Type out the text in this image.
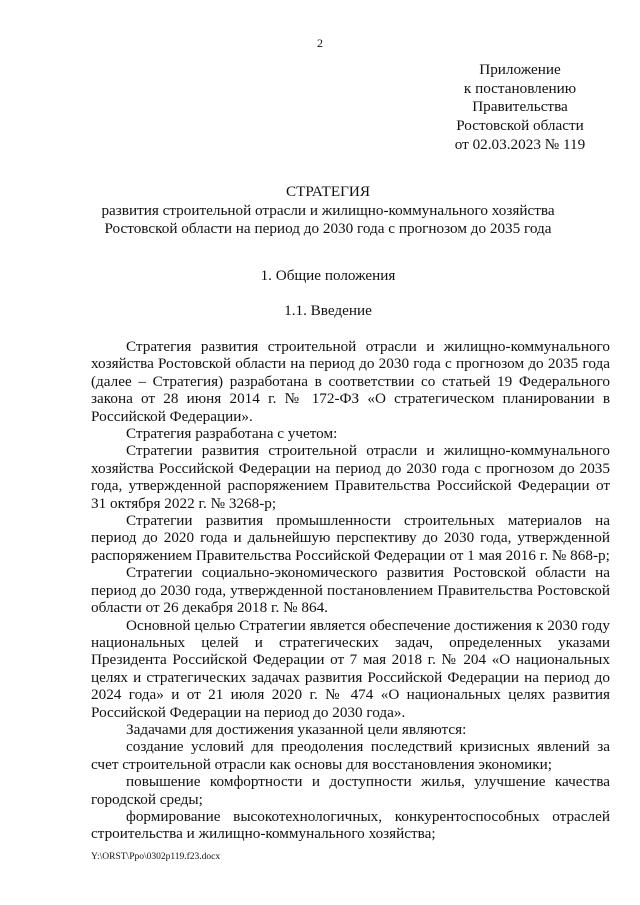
2
Приложение
к постановлению
Правительства
Ростовской области
от 02.03.2023 № 119
СТРАТЕГИЯ
развития строительной отрасли и жилищно-коммунального хозяйства
Ростовской области на период до 2030 года с прогнозом до 2035 года
1. Общие положения
1.1. Введение

Стратегия развития строительной отрасли и жилищно-коммунального хозяйства Ростовской области на период до 2030 года с прогнозом до 2035 года (далее – Стратегия) разработана в соответствии со статьей 19 Федерального закона от 28 июня 2014 г. № 172-ФЗ «О стратегическом планировании в Российской Федерации».

Стратегия разработана с учетом:

Стратегии развития строительной отрасли и жилищно-коммунального хозяйства Российской Федерации на период до 2030 года с прогнозом до 2035 года, утвержденной распоряжением Правительства Российской Федерации от 31 октября 2022 г. № 3268-р;

Стратегии развития промышленности строительных материалов на период до 2020 года и дальнейшую перспективу до 2030 года, утвержденной распоряжением Правительства Российской Федерации от 1 мая 2016 г. № 868-р;

Стратегии социально-экономического развития Ростовской области на период до 2030 года, утвержденной постановлением Правительства Ростовской области от 26 декабря 2018 г. № 864.

Основной целью Стратегии является обеспечение достижения к 2030 году национальных целей и стратегических задач, определенных указами Президента Российской Федерации от 7 мая 2018 г. № 204 «О национальных целях и стратегических задачах развития Российской Федерации на период до 2024 года» и от 21 июля 2020 г. № 474 «О национальных целях развития Российской Федерации на период до 2030 года».

Задачами для достижения указанной цели являются:

создание условий для преодоления последствий кризисных явлений за счет строительной отрасли как основы для восстановления экономики;

повышение комфортности и доступности жилья, улучшение качества городской среды;

формирование высокотехнологичных, конкурентоспособных отраслей строительства и жилищно-коммунального хозяйства;

Y:\ORST\Ppo\0302p119.f23.docx
